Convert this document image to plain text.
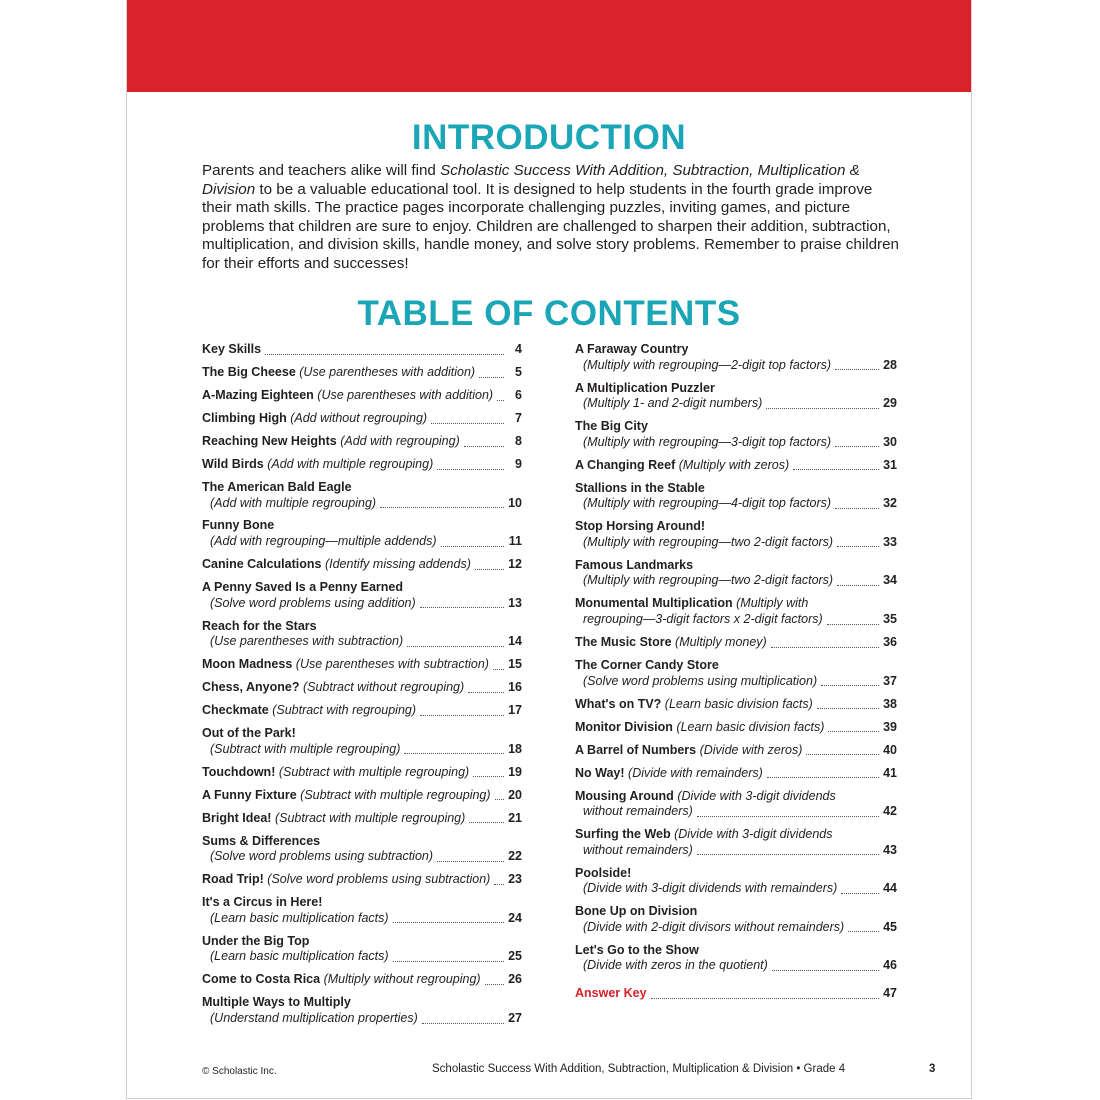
INTRODUCTION

Parents and teachers alike will find Scholastic Success With Addition, Subtraction, Multiplication & Division to be a valuable educational tool. It is designed to help students in the fourth grade improve their math skills. The practice pages incorporate challenging puzzles, inviting games, and picture problems that children are sure to enjoy. Children are challenged to sharpen their addition, subtraction, multiplication, and division skills, handle money, and solve story problems. Remember to praise children for their efforts and successes!

TABLE OF CONTENTS
Key Skills	4
The Big Cheese (Use parentheses with addition)	5
A-Mazing Eighteen (Use parentheses with addition)	6
Climbing High (Add without regrouping)	7
Reaching New Heights (Add with regrouping)	8
Wild Birds (Add with multiple regrouping)	9
The American Bald Eagle
(Add with multiple regrouping)	10
Funny Bone
(Add with regrouping—multiple addends)	11
Canine Calculations (Identify missing addends)	12
A Penny Saved Is a Penny Earned
(Solve word problems using addition)	13
Reach for the Stars
(Use parentheses with subtraction)	14
Moon Madness (Use parentheses with subtraction) 15
Chess, Anyone? (Subtract without regrouping)	16
Checkmate (Subtract with regrouping)	17
Out of the Park!
(Subtract with multiple regrouping)	18
Touchdown! (Subtract with multiple regrouping)	19
A Funny Fixture (Subtract with multiple regrouping) 20
Bright Idea! (Subtract with multiple regrouping)	21
Sums & Differences
(Solve word problems using subtraction)	22
Road Trip! (Solve word problems using subtraction) 23
It's a Circus in Here!
(Learn basic multiplication facts)	24
Under the Big Top
(Learn basic multiplication facts)	25
Come to Costa Rica (Multiply without regrouping) 26
Multiple Ways to Multiply
(Understand multiplication properties)	27
A Faraway Country
(Multiply with regrouping—2-digit top factors)	28
A Multiplication Puzzler
(Multiply 1- and 2-digit numbers)	29
The Big City
(Multiply with regrouping—3-digit top factors)	30
A Changing Reef (Multiply with zeros)	31
Stallions in the Stable
(Multiply with regrouping—4-digit top factors)	32
Stop Horsing Around!
(Multiply with regrouping—two 2-digit factors)	33
Famous Landmarks
(Multiply with regrouping—two 2-digit factors)	34
Monumental Multiplication (Multiply with
regrouping—3-digit factors x 2-digit factors)	35
The Music Store (Multiply money)	36
The Corner Candy Store
(Solve word problems using multiplication)	37
What's on TV? (Learn basic division facts)	38
Monitor Division (Learn basic division facts)	39
A Barrel of Numbers (Divide with zeros)	40
No Way! (Divide with remainders)	41
Mousing Around (Divide with 3-digit dividends
without remainders)	42
Surfing the Web (Divide with 3-digit dividends
without remainders)	43
Poolside!
(Divide with 3-digit dividends with remainders)	44
Bone Up on Division
(Divide with 2-digit divisors without remainders)	45
Let's Go to the Show
(Divide with zeros in the quotient)	46
Answer Key	47
© Scholastic Inc.	Scholastic Success With Addition, Subtraction, Multiplication & Division • Grade 4	3
